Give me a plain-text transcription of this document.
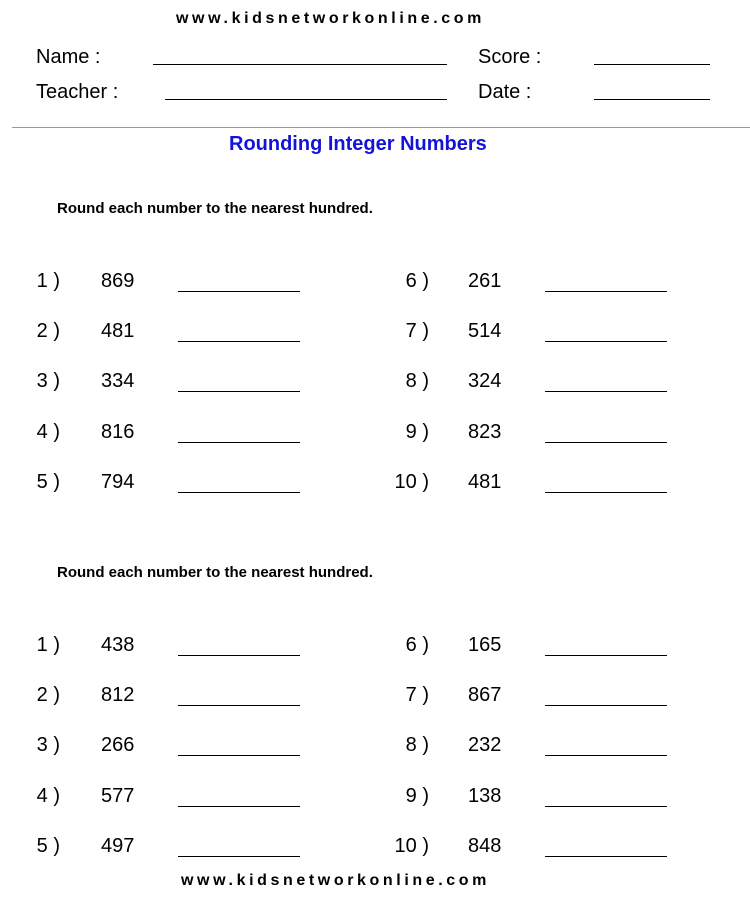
www.kidsnetworkonline.com
Name :	Score :
Teacher :	Date :
Rounding Integer Numbers
Round each number to the nearest hundred.
1 ) 869
2 ) 481
3 ) 334
4 ) 816
5 ) 794
6 ) 261
7 ) 514
8 ) 324
9 ) 823
10 ) 481
Round each number to the nearest hundred.
1 ) 438
2 ) 812
3 ) 266
4 ) 577
5 ) 497
6 ) 165
7 ) 867
8 ) 232
9 ) 138
10 ) 848
www.kidsnetworkonline.com
